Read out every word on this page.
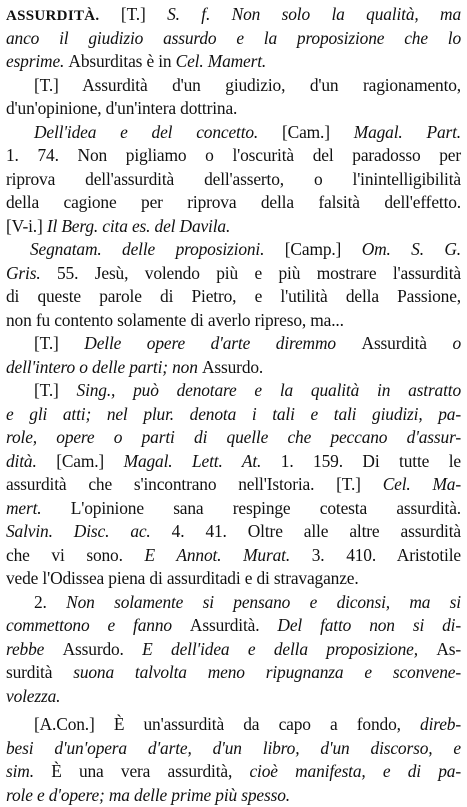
ASSURDITÀ. [T.] S. f. Non solo la qualità, ma
anco il giudizio assurdo e la proposizione che lo
esprime. Absurditas è in Cel. Mamert.
[T.] Assurdità d'un giudizio, d'un ragionamento,
d'un'opinione, d'un'intera dottrina.
Dell'idea e del concetto. [Cam.] Magal. Part.
1. 74. Non pigliamo o l'oscurità del paradosso per
riprova dell'assurdità dell'asserto, o l'inintelligibilità
della cagione per riprova della falsità dell'effetto.
[V-i.] Il Berg. cita es. del Davila.
Segnatam. delle proposizioni. [Camp.] Om. S. G.
Gris. 55. Jesù, volendo più e più mostrare l'assurdità
di queste parole di Pietro, e l'utilità della Passione,
non fu contento solamente di averlo ripreso, ma...
[T.] Delle opere d'arte diremmo Assurdità o
dell'intero o delle parti; non Assurdo.
[T.] Sing., può denotare e la qualità in astratto
e gli atti; nel plur. denota i tali e tali giudizi, pa-
role, opere o parti di quelle che peccano d'assur-
dità. [Cam.] Magal. Lett. At. 1. 159. Di tutte le
assurdità che s'incontrano nell'Istoria. [T.] Cel. Ma-
mert. L'opinione sana respinge cotesta assurdità.
Salvin. Disc. ac. 4. 41. Oltre alle altre assurdità
che vi sono. E Annot. Murat. 3. 410. Aristotile
vede l'Odissea piena di assurditadi e di stravaganze.
2. Non solamente si pensano e diconsi, ma si
commettono e fanno Assurdità. Del fatto non si di-
rebbe Assurdo. E dell'idea e della proposizione, As-
surdità suona talvolta meno ripugnanza e sconvene-
volezza.
[A.Con.] È un'assurdità da capo a fondo, direb-
besi d'un'opera d'arte, d'un libro, d'un discorso, e
sim. È una vera assurdità, cioè manifesta, e di pa-
role e d'opere; ma delle prime più spesso.
